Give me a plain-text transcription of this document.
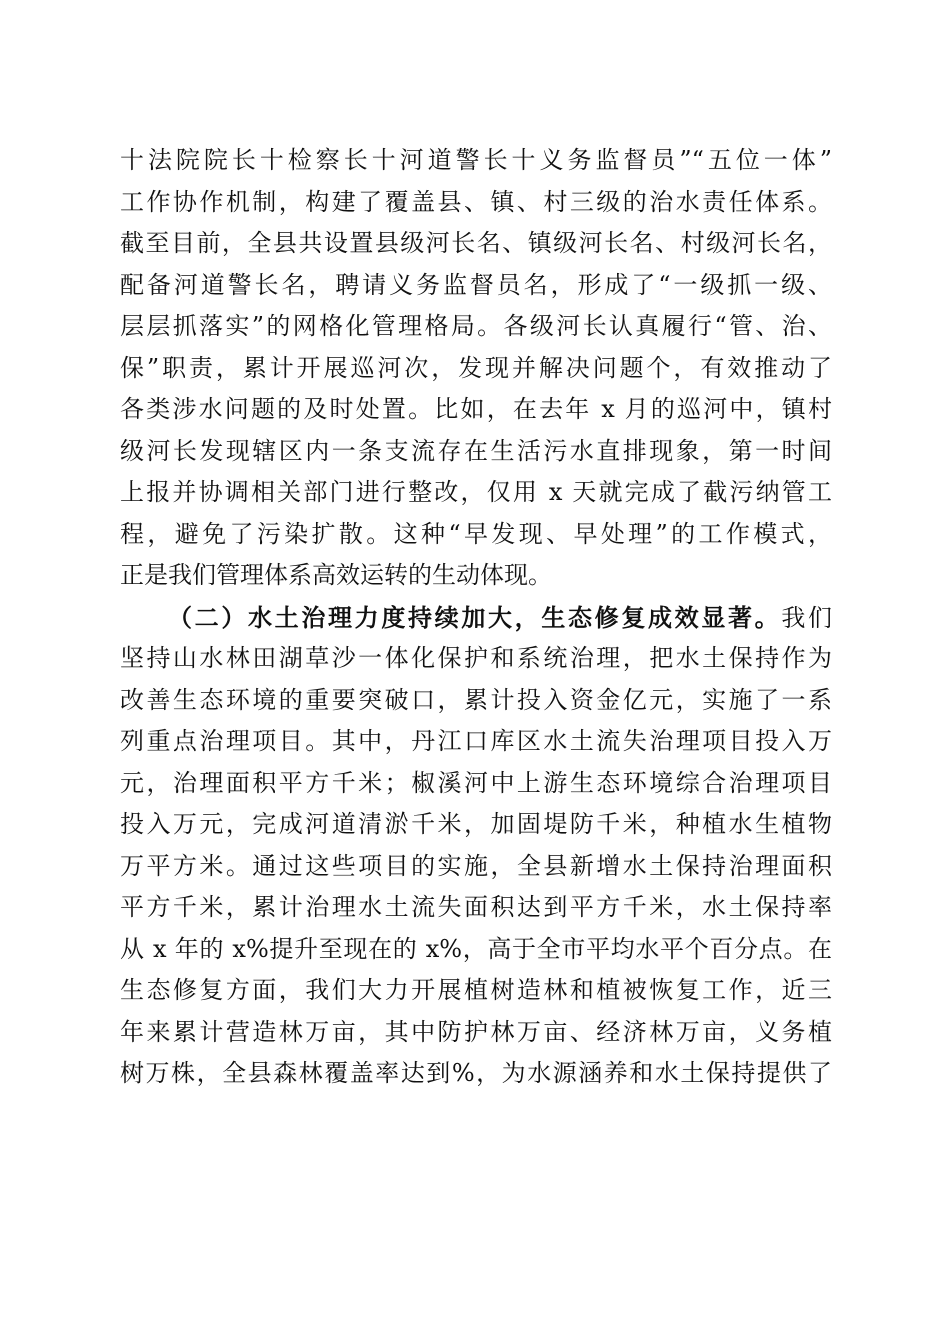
十法院院长十检察长十河道警长十义务监督员”“五位一体”
工作协作机制，构建了覆盖县、镇、村三级的治水责任体系。
截至目前，全县共设置县级河长名、镇级河长名、村级河长名，
配备河道警长名，聘请义务监督员名，形成了“一级抓一级、
层层抓落实”的网格化管理格局。各级河长认真履行“管、治、
保”职责，累计开展巡河次，发现并解决问题个，有效推动了
各类涉水问题的及时处置。比如，在去年 x 月的巡河中，镇村
级河长发现辖区内一条支流存在生活污水直排现象，第一时间
上报并协调相关部门进行整改，仅用 x 天就完成了截污纳管工
程，避免了污染扩散。这种“早发现、早处理”的工作模式，
正是我们管理体系高效运转的生动体现。
（二）水土治理力度持续加大，生态修复成效显著。我们
坚持山水林田湖草沙一体化保护和系统治理，把水土保持作为
改善生态环境的重要突破口，累计投入资金亿元，实施了一系
列重点治理项目。其中，丹江口库区水土流失治理项目投入万
元，治理面积平方千米；椒溪河中上游生态环境综合治理项目
投入万元，完成河道清淤千米，加固堤防千米，种植水生植物
万平方米。通过这些项目的实施，全县新增水土保持治理面积
平方千米，累计治理水土流失面积达到平方千米，水土保持率
从 x 年的 x%提升至现在的 x%，高于全市平均水平个百分点。在
生态修复方面，我们大力开展植树造林和植被恢复工作，近三
年来累计营造林万亩，其中防护林万亩、经济林万亩，义务植
树万株，全县森林覆盖率达到%，为水源涵养和水土保持提供了
